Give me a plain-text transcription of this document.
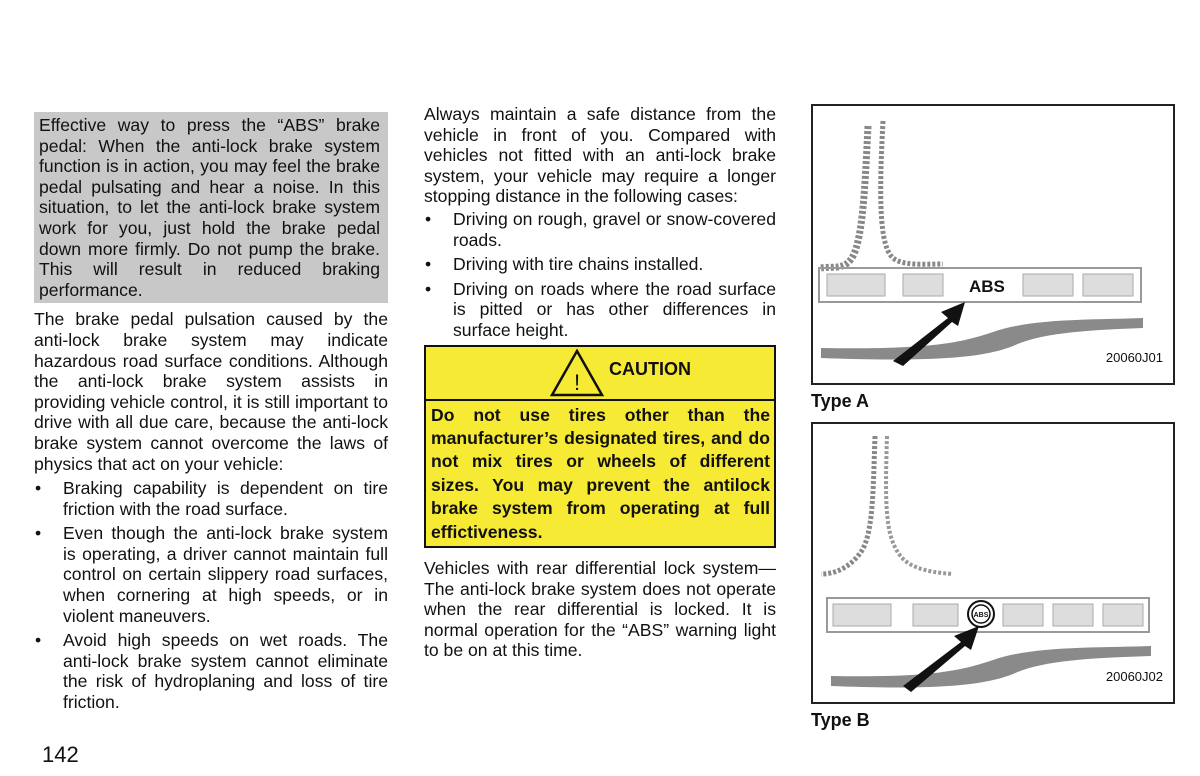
Effective way to press the “ABS” brake pedal: When the anti-lock brake system function is in action, you may feel the brake pedal pulsating and hear a noise. In this situation, to let the anti-lock brake system work for you, just hold the brake pedal down more firmly. Do not pump the brake. This will result in reduced braking performance.

The brake pedal pulsation caused by the anti-lock brake system may indicate hazardous road surface conditions. Although the anti-lock brake system assists in providing vehicle control, it is still important to drive with all due care, because the anti-lock brake system cannot overcome the laws of physics that act on your vehicle:

• Braking capability is dependent on tire friction with the road surface.
• Even though the anti-lock brake system is operating, a driver cannot maintain full control on certain slippery road surfaces, when cornering at high speeds, or in violent maneuvers.
• Avoid high speeds on wet roads. The anti-lock brake system cannot eliminate the risk of hydroplaning and loss of tire friction.

Always maintain a safe distance from the vehicle in front of you. Compared with vehicles not fitted with an anti-lock brake system, your vehicle may require a longer stopping distance in the following cases:

• Driving on rough, gravel or snow-covered roads.
• Driving with tire chains installed.
• Driving on roads where the road surface is pitted or has other differences in surface height.
!
CAUTION
Do not use tires other than the manufacturer’s designated tires, and do not mix tires or wheels of different sizes. You may prevent the antilock brake system from operating at full effictiveness.

Vehicles with rear differential lock system—The anti-lock brake system does not operate when the rear differential is locked. It is normal operation for the “ABS” warning light to be on at this time.

ABS
20060J01
Type A
ABS
20060J02
Type B
142
